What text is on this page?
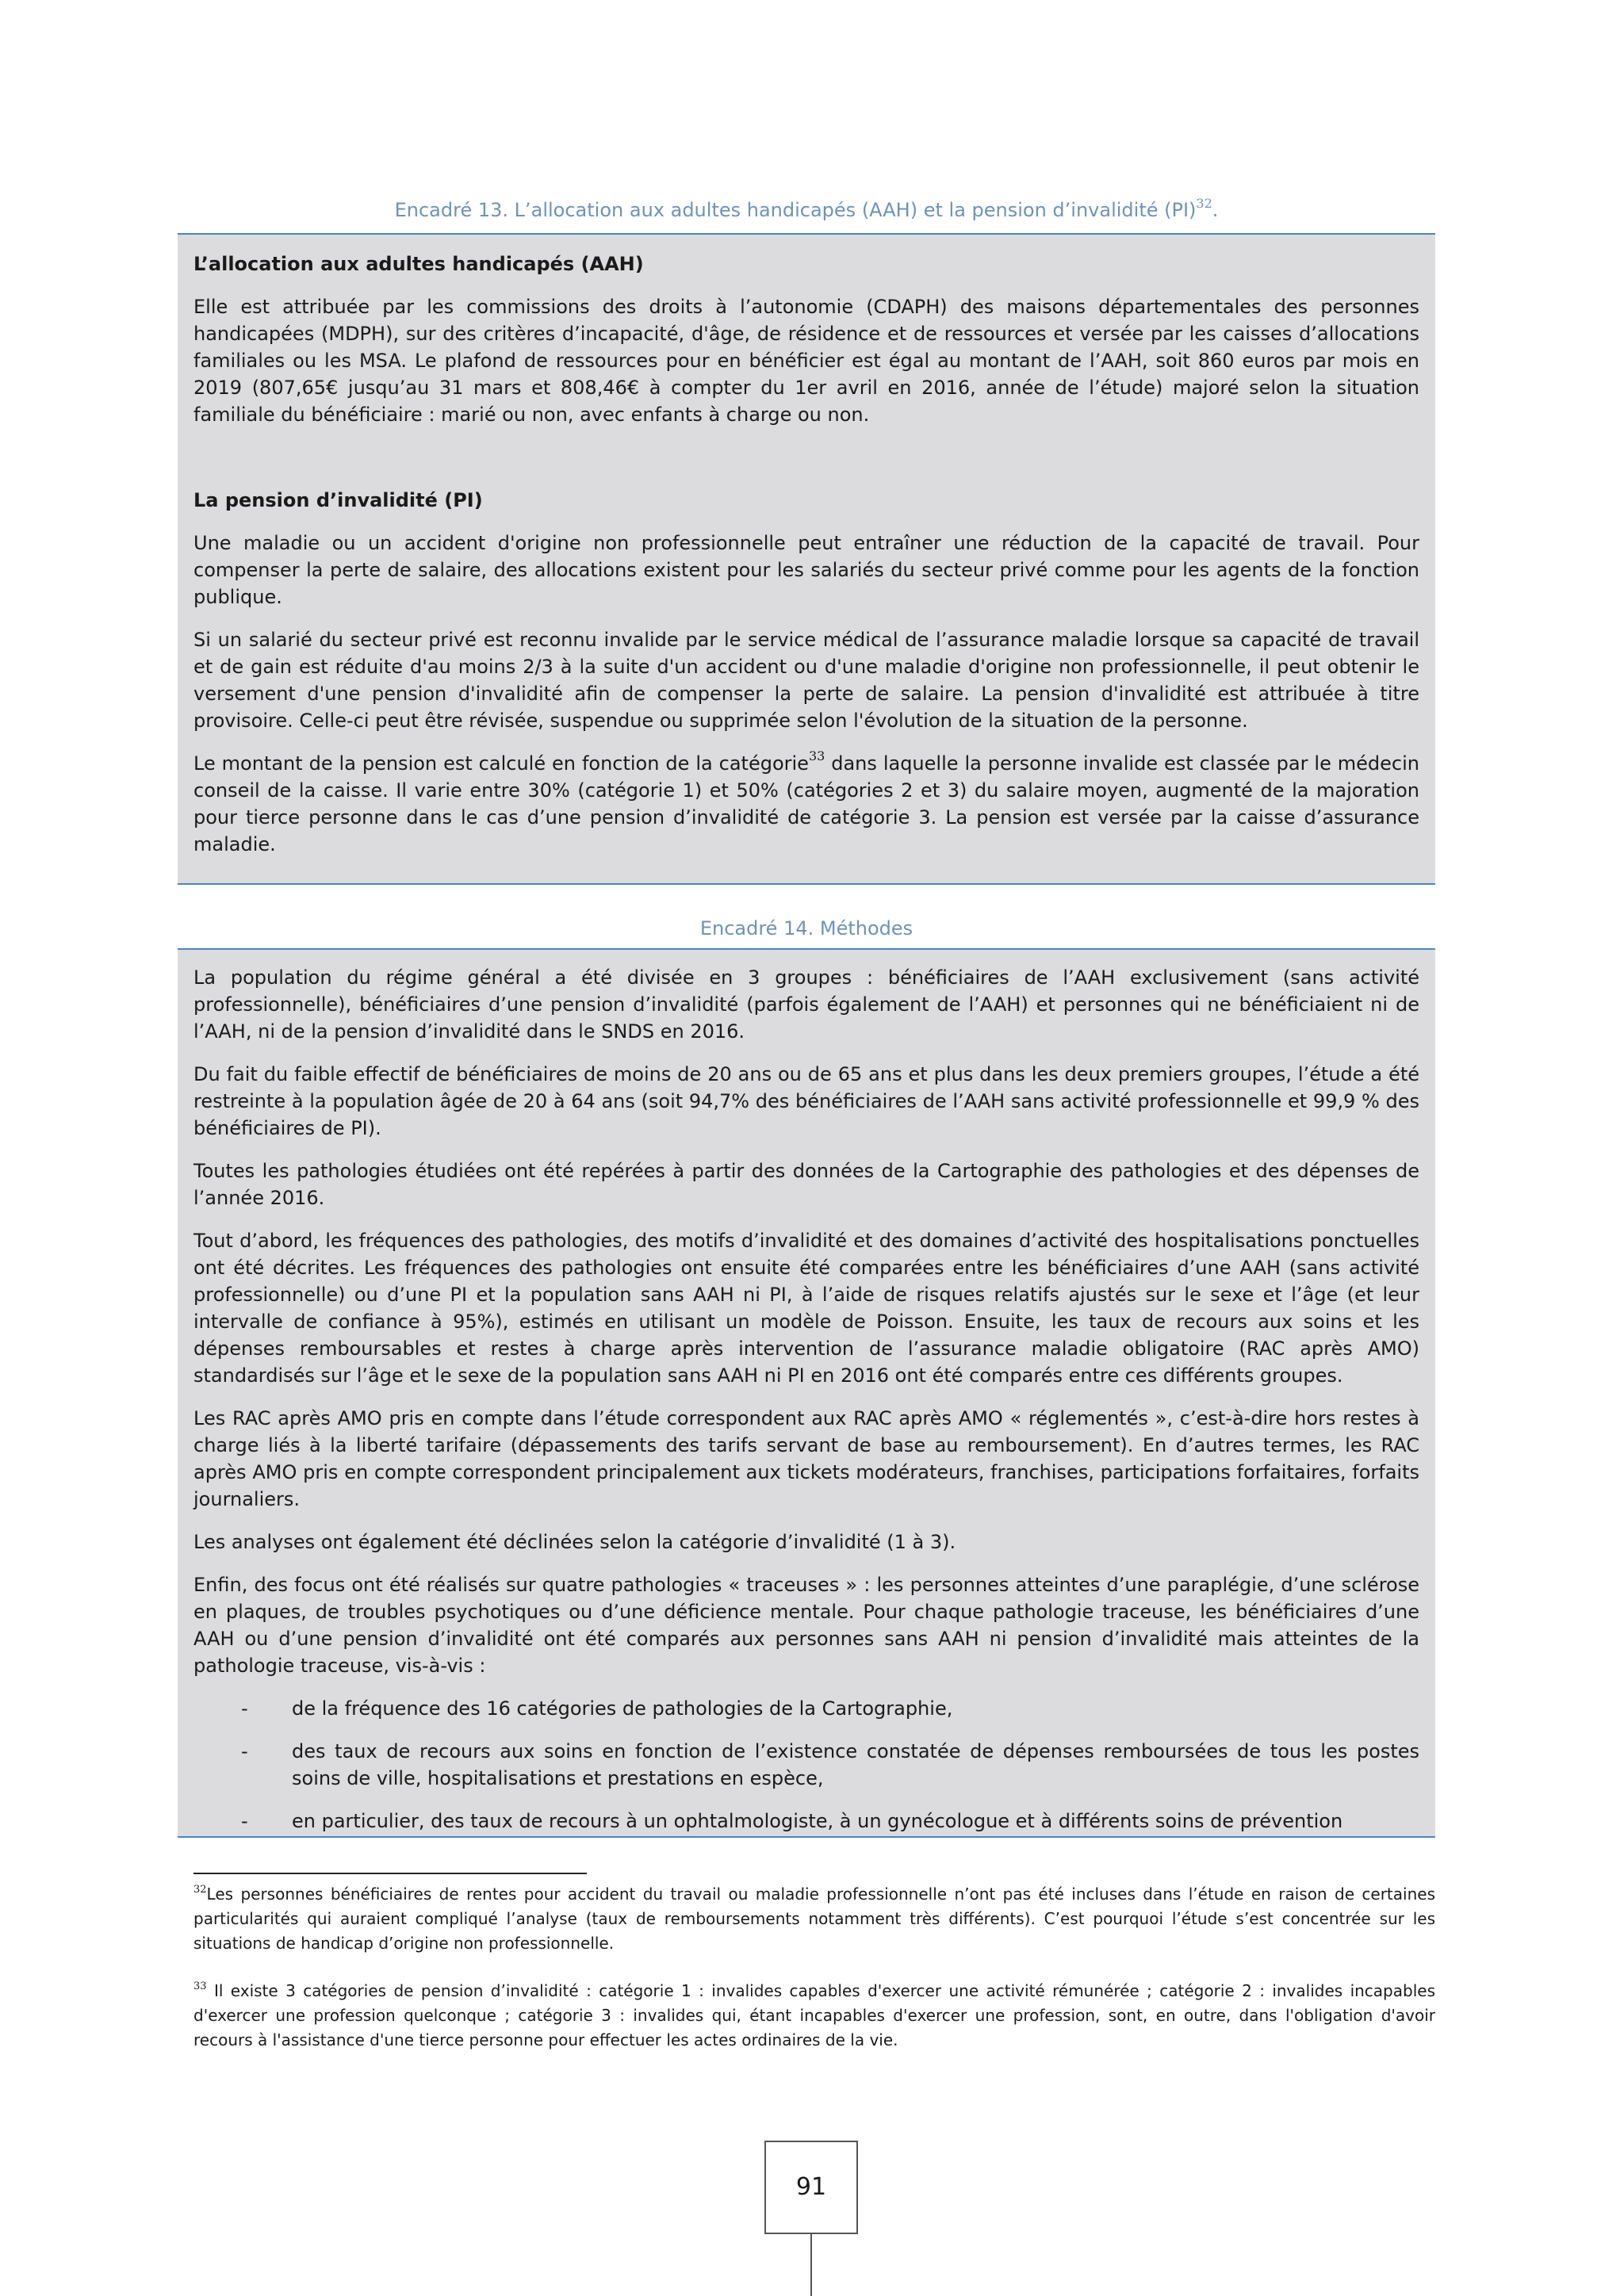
Encadré 13. L’allocation aux adultes handicapés (AAH) et la pension d’invalidité (PI)$^{32}$.
L’allocation aux adultes handicapés (AAH)

Elle est attribuée par les commissions des droits à l’autonomie (CDAPH) des maisons départementales des personnes handicapées (MDPH), sur des critères d’incapacité, d'âge, de résidence et de ressources et versée par les caisses d’allocations familiales ou les MSA. Le plafond de ressources pour en bénéficier est égal au montant de l’AAH, soit 860 euros par mois en 2019 (807,65€ jusqu’au 31 mars et 808,46€ à compter du 1er avril en 2016, année de l’étude) majoré selon la situation familiale du bénéficiaire : marié ou non, avec enfants à charge ou non.

La pension d’invalidité (PI)

Une maladie ou un accident d'origine non professionnelle peut entraîner une réduction de la capacité de travail. Pour compenser la perte de salaire, des allocations existent pour les salariés du secteur privé comme pour les agents de la fonction publique.

Si un salarié du secteur privé est reconnu invalide par le service médical de l’assurance maladie lorsque sa capacité de travail et de gain est réduite d'au moins 2/3 à la suite d'un accident ou d'une maladie d'origine non professionnelle, il peut obtenir le versement d'une pension d'invalidité afin de compenser la perte de salaire. La pension d'invalidité est attribuée à titre provisoire. Celle-ci peut être révisée, suspendue ou supprimée selon l'évolution de la situation de la personne.

Le montant de la pension est calculé en fonction de la catégorie$^{33}$ dans laquelle la personne invalide est classée par le médecin conseil de la caisse. Il varie entre 30% (catégorie 1) et 50% (catégories 2 et 3) du salaire moyen, augmenté de la majoration pour tierce personne dans le cas d’une pension d’invalidité de catégorie 3. La pension est versée par la caisse d’assurance maladie.

Encadré 14. Méthodes

La population du régime général a été divisée en 3 groupes : bénéficiaires de l’AAH exclusivement (sans activité professionnelle), bénéficiaires d’une pension d’invalidité (parfois également de l’AAH) et personnes qui ne bénéficiaient ni de l’AAH, ni de la pension d’invalidité dans le SNDS en 2016.

Du fait du faible effectif de bénéficiaires de moins de 20 ans ou de 65 ans et plus dans les deux premiers groupes, l’étude a été restreinte à la population âgée de 20 à 64 ans (soit 94,7% des bénéficiaires de l’AAH sans activité professionnelle et 99,9 % des bénéficiaires de PI).

Toutes les pathologies étudiées ont été repérées à partir des données de la Cartographie des pathologies et des dépenses de l’année 2016.

Tout d’abord, les fréquences des pathologies, des motifs d’invalidité et des domaines d’activité des hospitalisations ponctuelles ont été décrites. Les fréquences des pathologies ont ensuite été comparées entre les bénéficiaires d’une AAH (sans activité professionnelle) ou d’une PI et la population sans AAH ni PI, à l’aide de risques relatifs ajustés sur le sexe et l’âge (et leur intervalle de confiance à 95%), estimés en utilisant un modèle de Poisson. Ensuite, les taux de recours aux soins et les dépenses remboursables et restes à charge après intervention de l’assurance maladie obligatoire (RAC après AMO) standardisés sur l’âge et le sexe de la population sans AAH ni PI en 2016 ont été comparés entre ces différents groupes.

Les RAC après AMO pris en compte dans l’étude correspondent aux RAC après AMO « réglementés », c’est-à-dire hors restes à charge liés à la liberté tarifaire (dépassements des tarifs servant de base au remboursement). En d’autres termes, les RAC après AMO pris en compte correspondent principalement aux tickets modérateurs, franchises, participations forfaitaires, forfaits journaliers.

Les analyses ont également été déclinées selon la catégorie d’invalidité (1 à 3).

Enfin, des focus ont été réalisés sur quatre pathologies « traceuses » : les personnes atteintes d’une paraplégie, d’une sclérose en plaques, de troubles psychotiques ou d’une déficience mentale. Pour chaque pathologie traceuse, les bénéficiaires d’une AAH ou d’une pension d’invalidité ont été comparés aux personnes sans AAH ni pension d’invalidité mais atteintes de la pathologie traceuse, vis-à-vis :

- de la fréquence des 16 catégories de pathologies de la Cartographie,

- des taux de recours aux soins en fonction de l’existence constatée de dépenses remboursées de tous les postes soins de ville, hospitalisations et prestations en espèce,

- en particulier, des taux de recours à un ophtalmologiste, à un gynécologue et à différents soins de prévention

$^{32}$Les personnes bénéficiaires de rentes pour accident du travail ou maladie professionnelle n’ont pas été incluses dans l’étude en raison de certaines particularités qui auraient compliqué l’analyse (taux de remboursements notamment très différents). C’est pourquoi l’étude s’est concentrée sur les situations de handicap d’origine non professionnelle.

$^{33}$ Il existe 3 catégories de pension d’invalidité : catégorie 1 : invalides capables d'exercer une activité rémunérée ; catégorie 2 : invalides incapables d'exercer une profession quelconque ; catégorie 3 : invalides qui, étant incapables d'exercer une profession, sont, en outre, dans l'obligation d'avoir recours à l'assistance d'une tierce personne pour effectuer les actes ordinaires de la vie.

91
